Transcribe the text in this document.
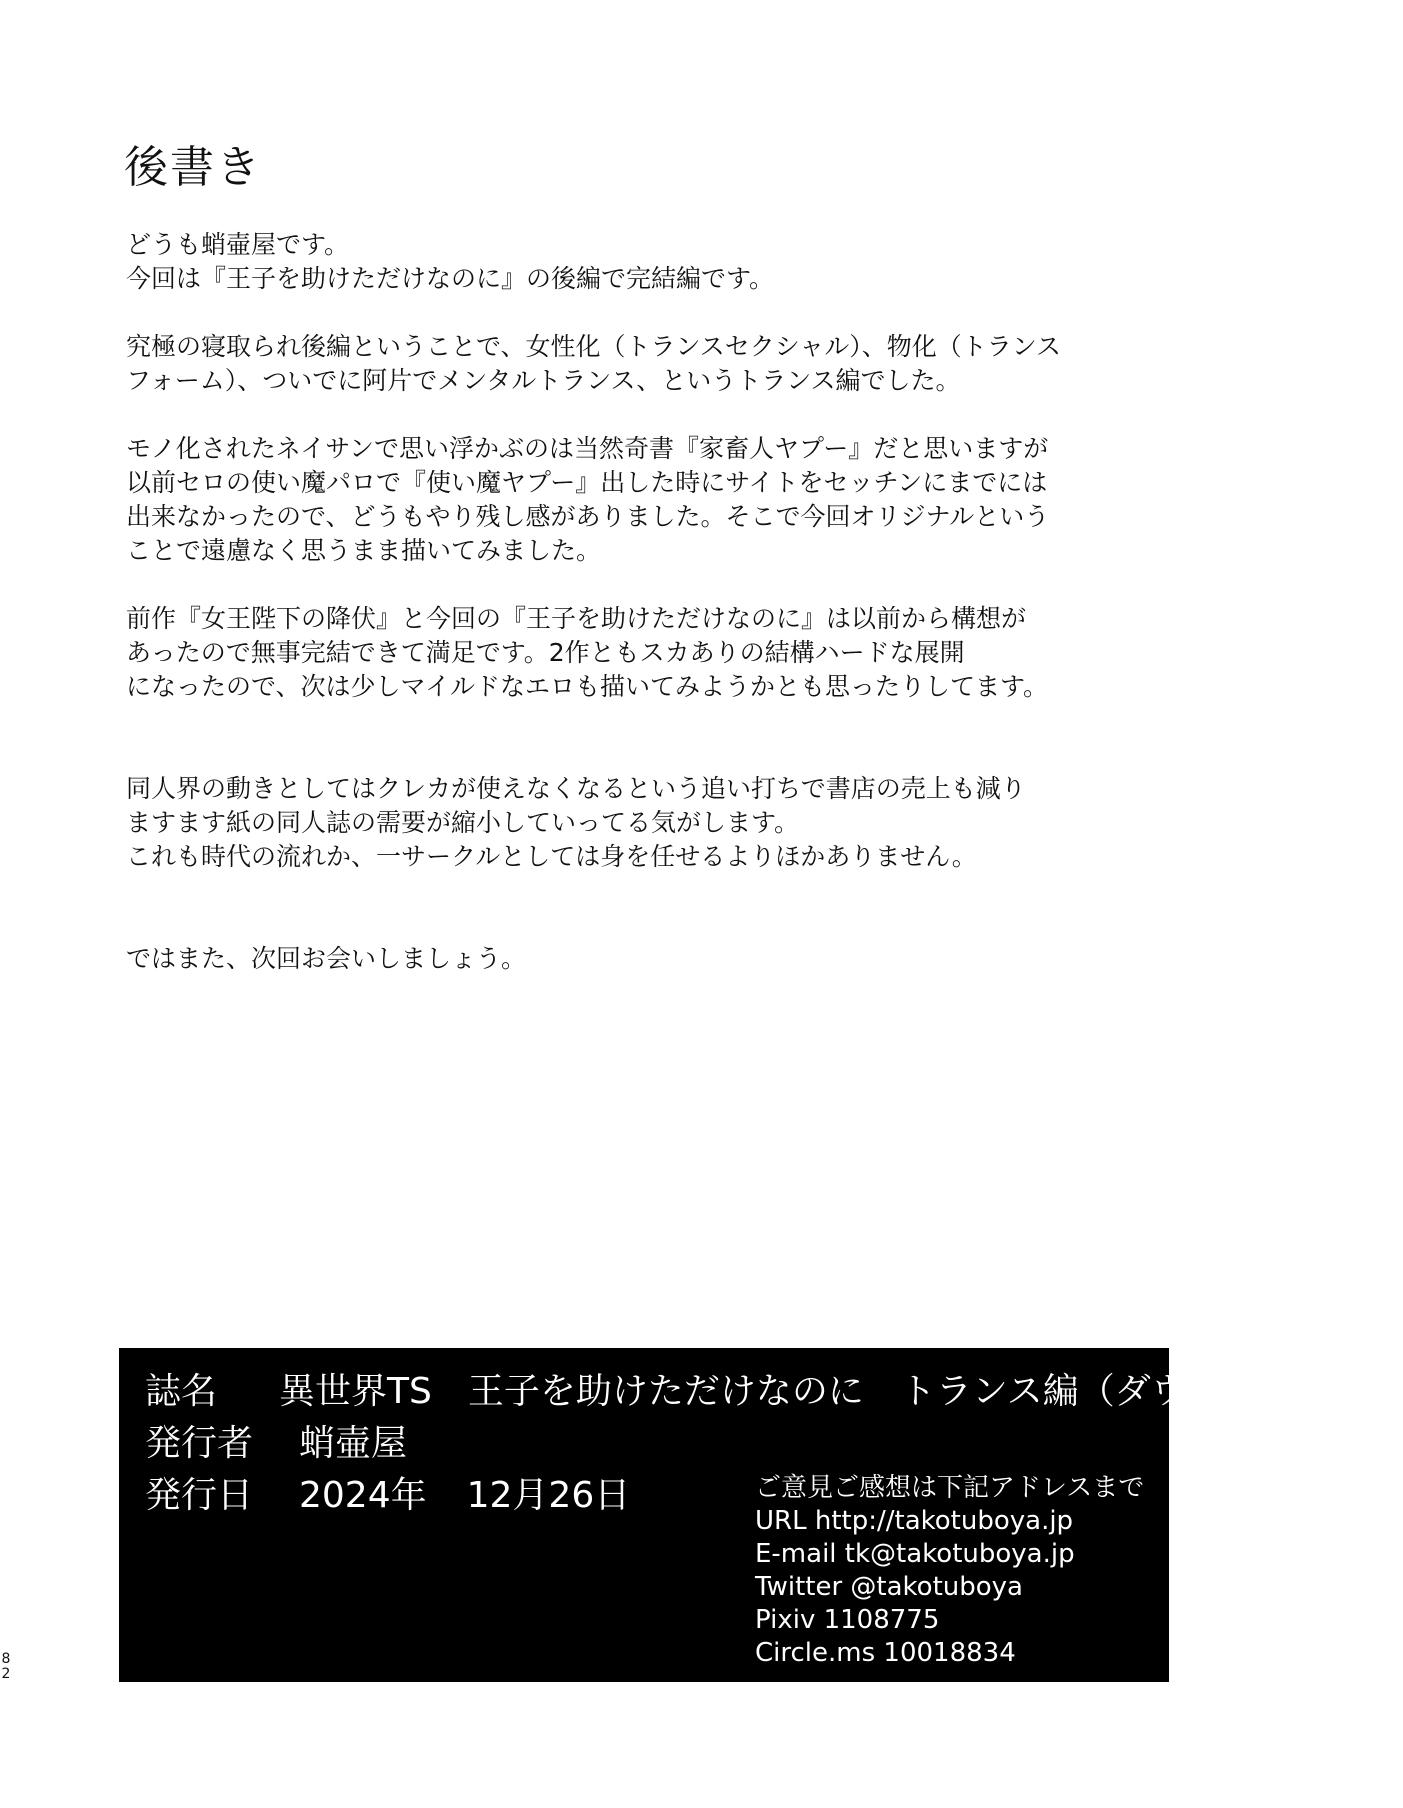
後書き

どうも蛸壷屋です。
今回は『王子を助けただけなのに』の後編で完結編です。

究極の寝取られ後編ということで、女性化（トランスセクシャル）、物化（トランス
フォーム）、ついでに阿片でメンタルトランス、というトランス編でした。

モノ化されたネイサンで思い浮かぶのは当然奇書『家畜人ヤプー』だと思いますが
以前セロの使い魔パロで『使い魔ヤプー』出した時にサイトをセッチンにまでには
出来なかったので、どうもやり残し感がありました。そこで今回オリジナルという
ことで遠慮なく思うまま描いてみました。

前作『女王陛下の降伏』と今回の『王子を助けただけなのに』は以前から構想が
あったので無事完結できて満足です。2作ともスカありの結構ハードな展開
になったので、次は少しマイルドなエロも描いてみようかとも思ったりしてます。

同人界の動きとしてはクレカが使えなくなるという追い打ちで書店の売上も減り
ますます紙の同人誌の需要が縮小していってる気がします。
これも時代の流れか、一サークルとしては身を任せるよりほかありません。

ではまた、次回お会いしましょう。

誌名 異世界TS　王子を助けただけなのに　トランス編（ダウンロード版）
発行者 蛸壷屋
発行日 2024年 12月26日	ご意見ご感想は下記アドレスまで
URL http://takotuboya.jp
E-mail tk@takotuboya.jp
Twitter @takotuboya
Pixiv 1108775
Circle.ms 10018834
8
2
